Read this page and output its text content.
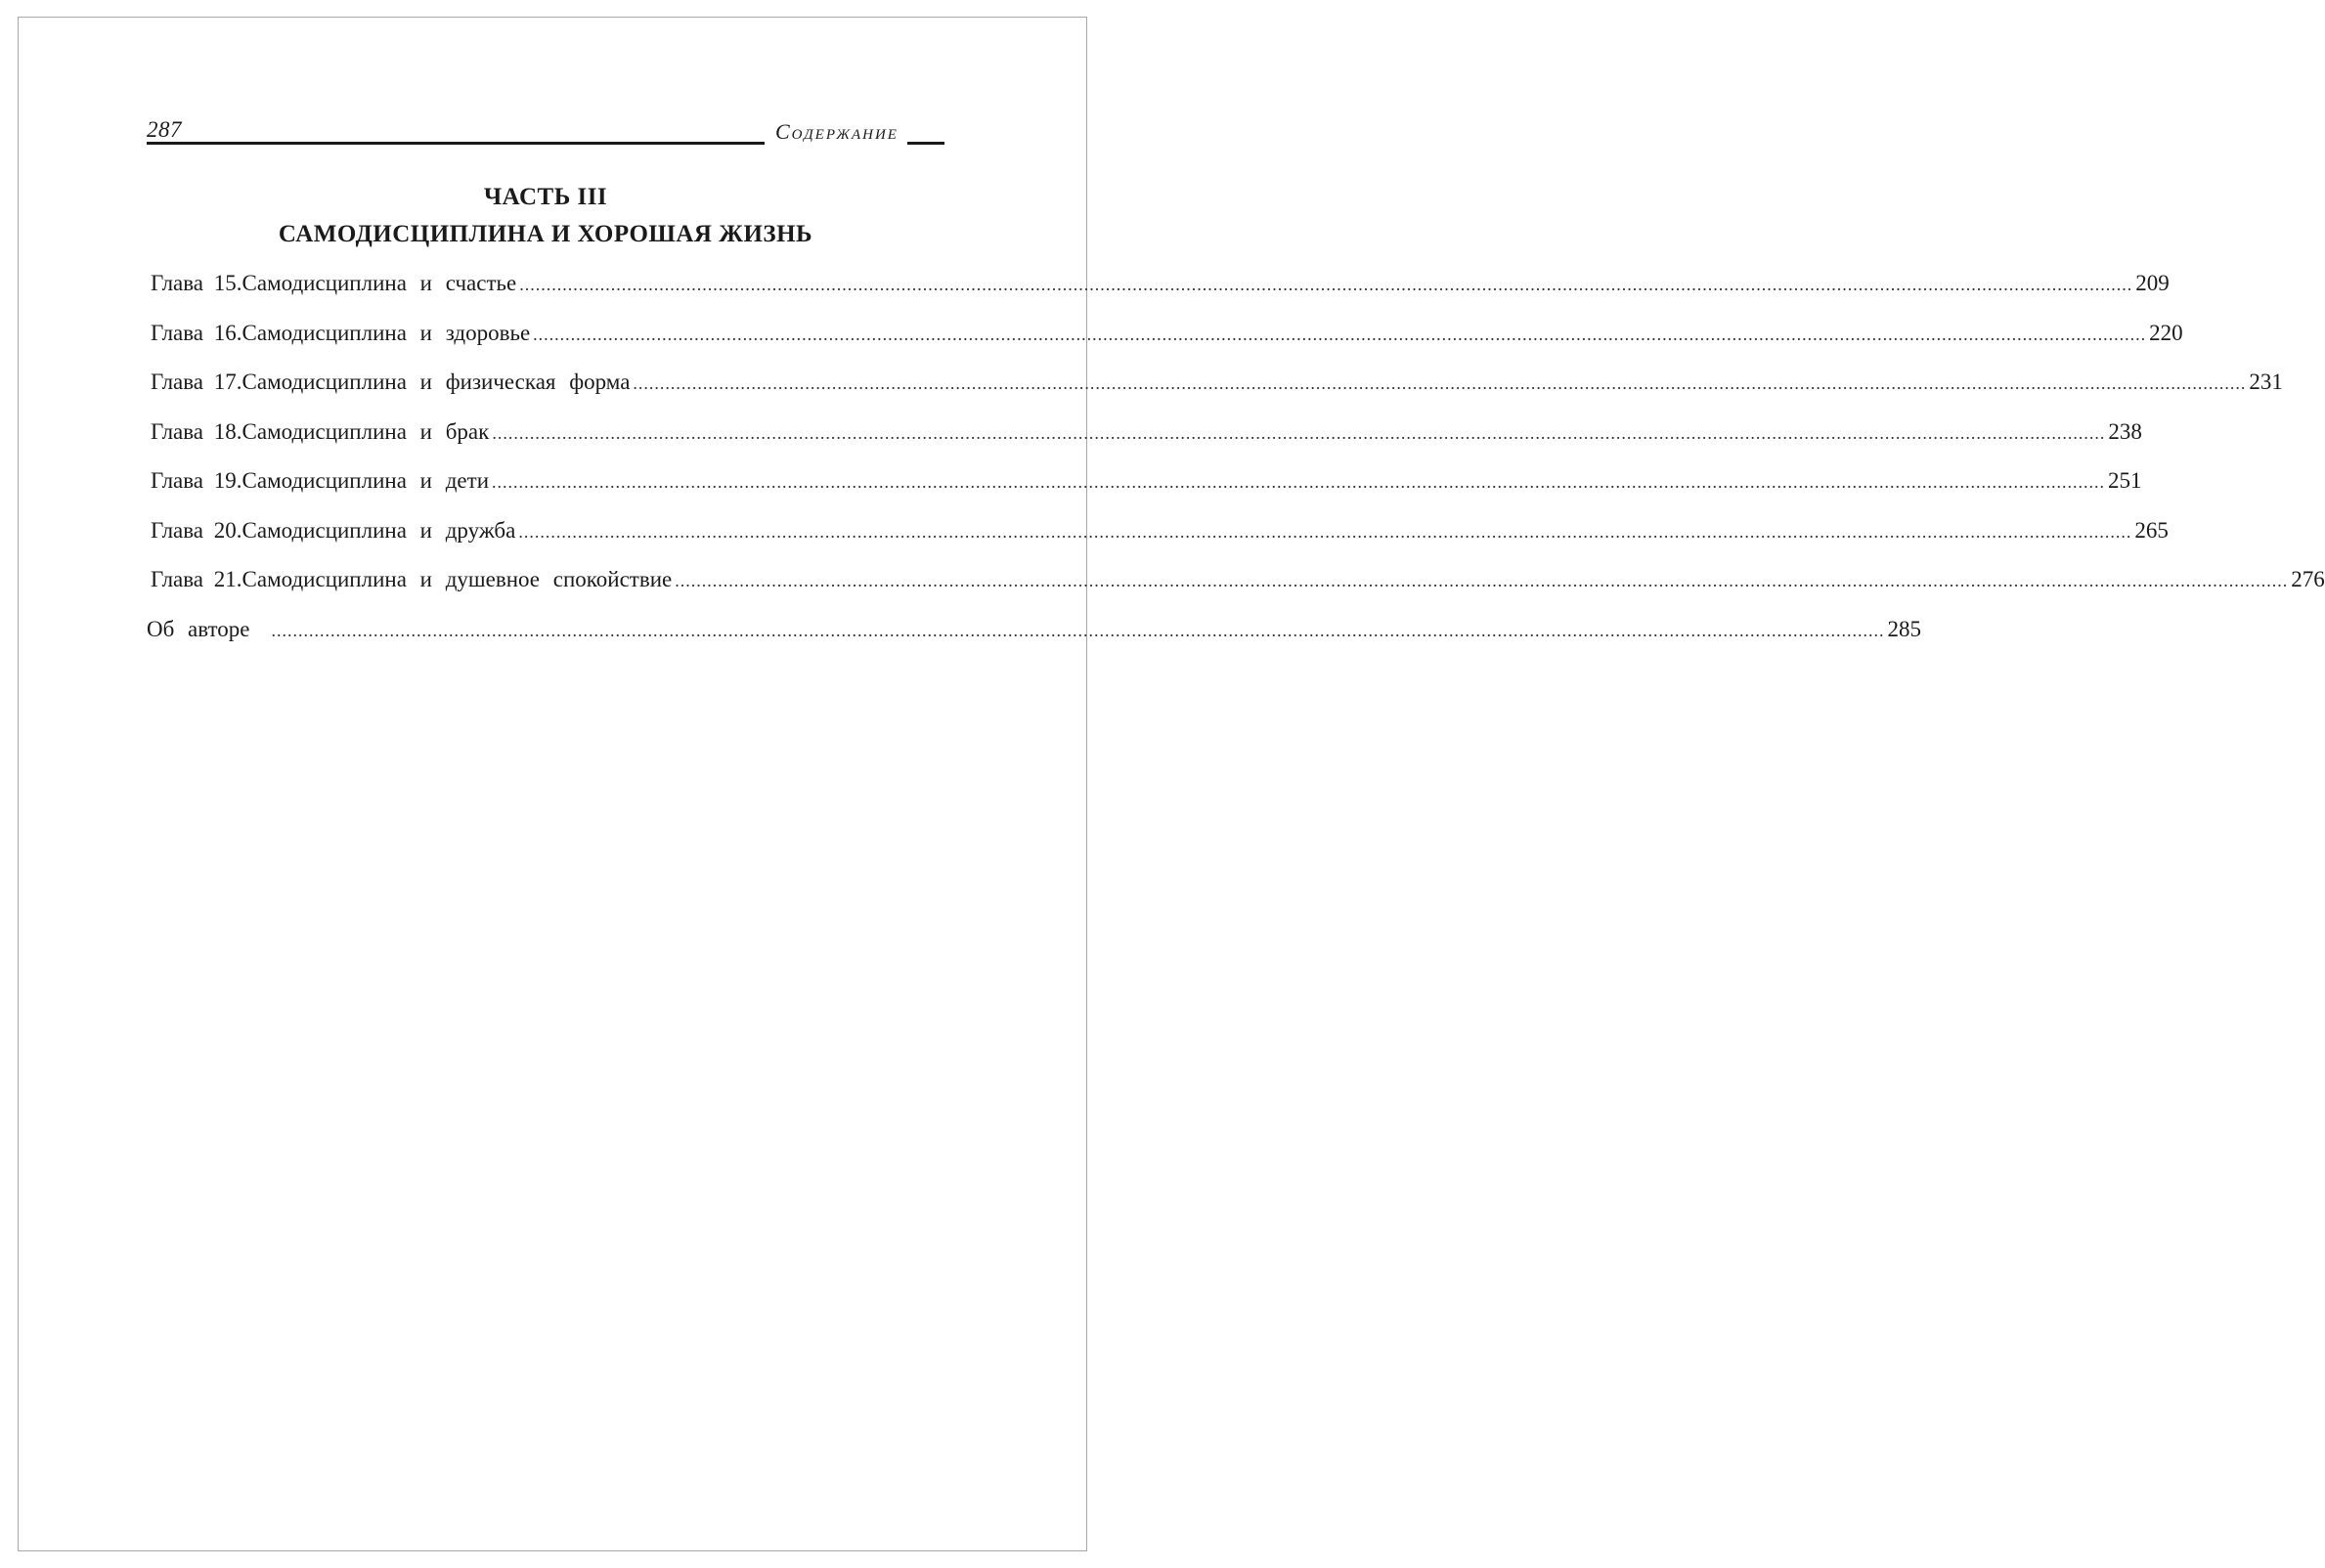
287	Содержание
ЧАСТЬ III
САМОДИСЦИПЛИНА И ХОРОШАЯ ЖИЗНЬ
Глава 15. Самодисциплина и счастье ............................................................................................................................................................................................................................................................................................................ 209
Глава 16. Самодисциплина и здоровье ............................................................................................................................................................................................................................................................................................................ 220
Глава 17. Самодисциплина и физическая форма ............................................................................................................................................................................................................................................................................................................ 231
Глава 18. Самодисциплина и брак ............................................................................................................................................................................................................................................................................................................ 238
Глава 19. Самодисциплина и дети ............................................................................................................................................................................................................................................................................................................ 251
Глава 20. Самодисциплина и дружба ............................................................................................................................................................................................................................................................................................................ 265
Глава 21. Самодисциплина и душевное спокойствие ............................................................................................................................................................................................................................................................................................................ 276
Об авторе ............................................................................................................................................................................................................................................................................................................ 285
